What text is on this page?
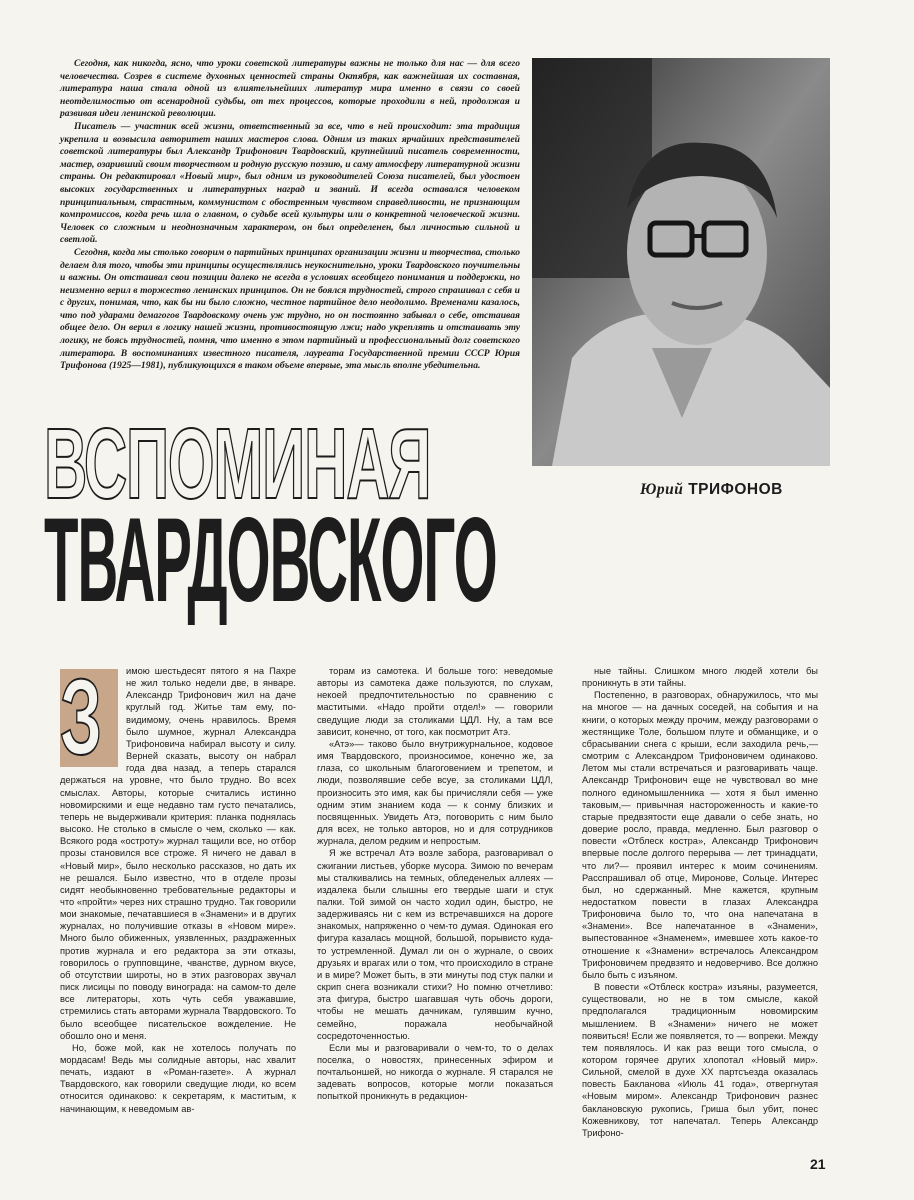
Сегодня, как никогда, ясно, что уроки советской литературы важны не только для нас — для всего человечества. Созрев в системе духовных ценностей страны Октября, как важнейшая их составная, литература наша стала одной из влиятельнейших литератур мира именно в связи со своей неотделимостью от всенародной судьбы, от тех процессов, которые проходили в ней, продолжая и развивая идеи ленинской революции.

Писатель — участник всей жизни, ответственный за все, что в ней происходит: эта традиция укрепила и возвысила авторитет наших мастеров слова. Одним из таких ярчайших представителей советской литературы был Александр Трифонович Твардовский, крупнейший писатель современности, мастер, озаривший своим творчеством и родную русскую поэзию, и саму атмосферу литературной жизни страны. Он редактировал «Новый мир», был одним из руководителей Союза писателей, был удостоен высоких государственных и литературных наград и званий. И всегда оставался человеком принципиальным, страстным, коммунистом с обостренным чувством справедливости, не признающим компромиссов, когда речь шла о главном, о судьбе всей культуры или о конкретной человеческой жизни. Человек со сложным и неоднозначным характером, он был определенен, был личностью сильной и светлой.

Сегодня, когда мы столько говорим о партийных принципах организации жизни и творчества, столько делаем для того, чтобы эти принципы осуществлялись неукоснительно, уроки Твардовского поучительны и важны. Он отстаивал свои позиции далеко не всегда в условиях всеобщего понимания и поддержки, но неизменно верил в торжество ленинских принципов. Он не боялся трудностей, строго спрашивал с себя и с других, понимая, что, как бы ни было сложно, честное партийное дело неодолимо. Временами казалось, что под ударами демагогов Твардовскому очень уж трудно, но он постоянно забывал о себе, отстаивая общее дело. Он верил в логику нашей жизни, противостоящую лжи; надо укреплять и отстаивать эту логику, не боясь трудностей, помня, что именно в этом партийный и профессиональный долг советского литератора. В воспоминаниях известного писателя, лауреата Государственной премии СССР Юрия Трифонова (1925—1981), публикующихся в таком объеме впервые, эта мысль вполне убедительна.

ВСПОМИНАЯ	Юрий ТРИФОНОВ
ТВАРДОВСКОГО
З	имою шестьдесят пятого я на Пахре не жил только недели две, в январе. Александр Трифонович жил на даче круглый год. Житье там ему, по-видимому, очень нравилось. Время было шумное, журнал Александра Трифоновича набирал высоту и силу. Верней сказать, высоту он набрал года два назад, а теперь старался держаться на уровне, что было трудно. Во всех смыслах. Авторы, которые считались истинно новомирскими и еще недавно там густо печатались, теперь не выдерживали критерия: планка поднялась высоко. Не столько в смысле о чем, сколько — как. Всякого рода «остроту» журнал тащили все, но отбор прозы становился все строже. Я ничего не давал в «Новый мир», было несколько рассказов, но дать их не решался. Было известно, что в отделе прозы сидят необыкновенно требовательные редакторы и что «пройти» через них страшно трудно. Так говорили мои знакомые, печатавшиеся в «Знамени» и в других журналах, но получившие отказы в «Новом мире». Много было обиженных, уязвленных, раздраженных против журнала и его редактора за эти отказы, говорилось о групповщине, чванстве, дурном вкусе, об отсутствии широты, но в этих разговорах звучал писк лисицы по поводу винограда: на самом-то деле все литераторы, хоть чуть себя уважавшие, стремились стать авторами журнала Твардовского. То было всеобщее писательское вожделение. Не обошло оно и меня.

Но, боже мой, как не хотелось получать по мордасам! Ведь мы солидные авторы, нас хвалит печать, издают в «Роман-газете». А журнал Твардовского, как говорили сведущие люди, ко всем относится одинаково: к секретарям, к маститым, к начинающим, к неведомым ав-

торам из самотека. И больше того: неведомые авторы из самотека даже пользуются, по слухам, некоей предпочтительностью по сравнению с маститыми. «Надо пройти отдел!» — говорили сведущие люди за столиками ЦДЛ. Ну, а там все зависит, конечно, от того, как посмотрит Атэ.

«Атэ»— таково было внутрижурнальное, кодовое имя Твардовского, произносимое, конечно же, за глаза, со школьным благоговением и трепетом, и люди, позволявшие себе всуе, за столиками ЦДЛ, произносить это имя, как бы причисляли себя — уже одним этим знанием кода — к сонму близких и посвященных. Увидеть Атэ, поговорить с ним было для всех, не только авторов, но и для сотрудников журнала, делом редким и непростым.

Я же встречал Атэ возле забора, разговаривал о сжигании листьев, уборке мусора. Зимою по вечерам мы сталкивались на темных, обледенелых аллеях — издалека были слышны его твердые шаги и стук палки. Той зимой он часто ходил один, быстро, не задерживаясь ни с кем из встречавшихся на дороге знакомых, напряженно о чем-то думая. Одинокая его фигура казалась мощной, большой, порывисто куда-то устремленной. Думал ли он о журнале, о своих друзьях и врагах или о том, что происходило в стране и в мире? Может быть, в эти минуты под стук палки и скрип снега возникали стихи? Но помню отчетливо: эта фигура, быстро шагавшая чуть обочь дороги, чтобы не мешать дачникам, гулявшим кучно, семейно, поражала необычайной сосредоточенностью.

Если мы и разговаривали о чем-то, то о делах поселка, о новостях, принесенных эфиром и почтальоншей, но никогда о журнале. Я старался не задевать вопросов, которые могли показаться попыткой проникнуть в редакцион-

ные тайны. Слишком много людей хотели бы проникнуть в эти тайны.

Постепенно, в разговорах, обнаружилось, что мы на многое — на дачных соседей, на события и на книги, о которых между прочим, между разговорами о жестянщике Толе, большом плуте и обманщике, и о сбрасывании снега с крыши, если заходила речь,— смотрим с Александром Трифоновичем одинаково. Летом мы стали встречаться и разговаривать чаще. Александр Трифонович еще не чувствовал во мне полного единомышленника — хотя я был именно таковым,— привычная настороженность и какие-то старые предвзятости еще давали о себе знать, но доверие росло, правда, медленно. Был разговор о повести «Отблеск костра», Александр Трифонович впервые после долгого перерыва — лет тринадцати, что ли?— проявил интерес к моим сочинениям. Расспрашивал об отце, Миронове, Сольце. Интерес был, но сдержанный. Мне кажется, крупным недостатком повести в глазах Александра Трифоновича было то, что она напечатана в «Знамени». Все напечатанное в «Знамени», выпестованное «Знаменем», имевшее хоть какое-то отношение к «Знамени» встречалось Александром Трифоновичем предвзято и недоверчиво. Все должно было быть с изъяном.

В повести «Отблеск костра» изъяны, разумеется, существовали, но не в том смысле, какой предполагался традиционным новомирским мышлением. В «Знамени» ничего не может появиться! Если же появляется, то — вопреки. Между тем появлялось. И как раз вещи того смысла, о котором горячее других хлопотал «Новый мир». Сильной, смелой в духе XX партсъезда оказалась повесть Бакланова «Июль 41 года», отвергнутая «Новым миром». Александр Трифонович разнес баклановскую рукопись, Гриша был убит, понес Кожевникову, тот напечатал. Теперь Александр Трифоно-

21
